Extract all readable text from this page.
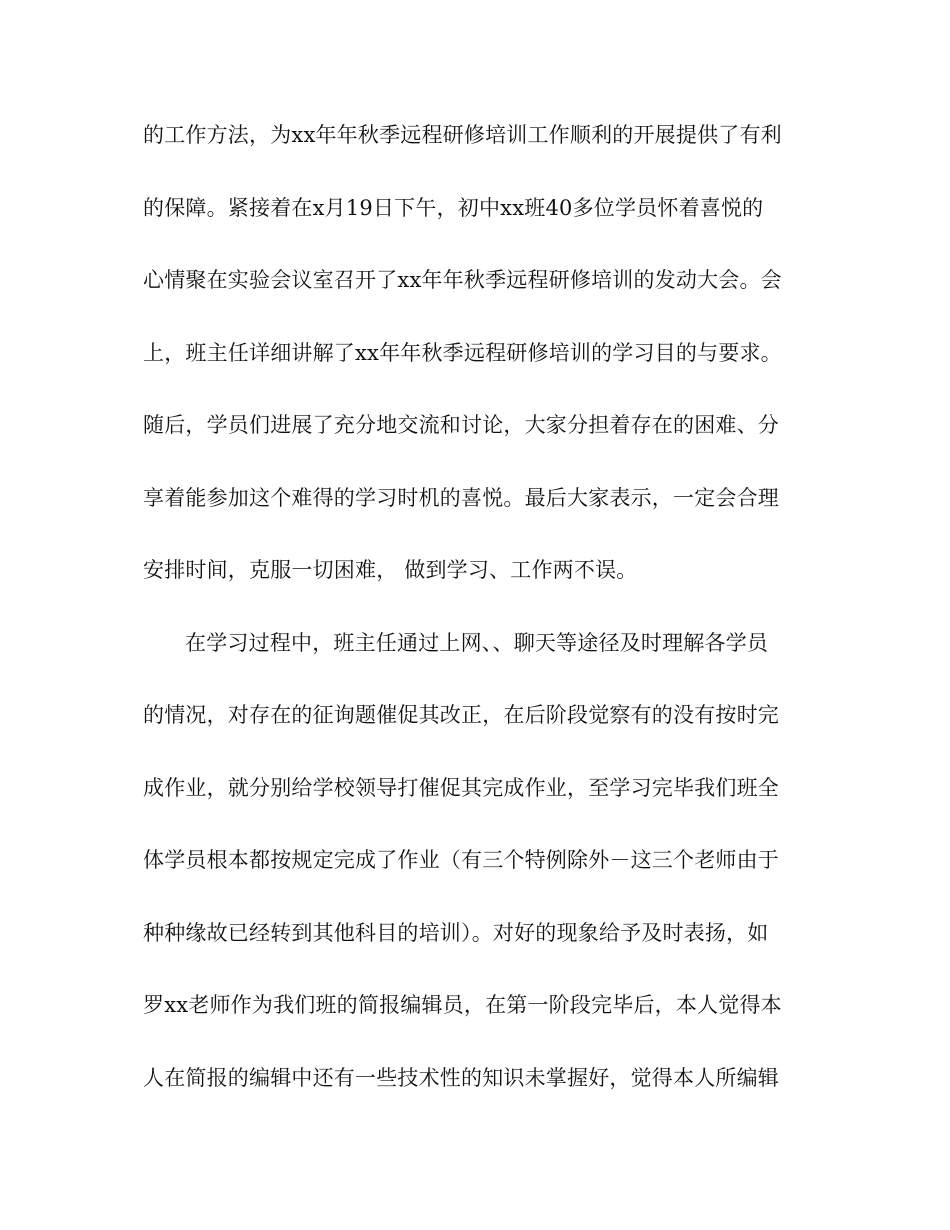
的工作方法，为xx年年秋季远程研修培训工作顺利的开展提供了有利
的保障。紧接着在x月19日下午，初中xx班40多位学员怀着喜悦的
心情聚在实验会议室召开了xx年年秋季远程研修培训的发动大会。会
上，班主任详细讲解了xx年年秋季远程研修培训的学习目的与要求。
随后，学员们进展了充分地交流和讨论，大家分担着存在的困难、分
享着能参加这个难得的学习时机的喜悦。最后大家表示，一定会合理
安排时间，克服一切困难， 做到学习、工作两不误。
在学习过程中，班主任通过上网、、聊天等途径及时理解各学员
的情况，对存在的征询题催促其改正，在后阶段觉察有的没有按时完
成作业，就分别给学校领导打催促其完成作业，至学习完毕我们班全
体学员根本都按规定完成了作业（有三个特例除外－这三个老师由于
种种缘故已经转到其他科目的培训）。对好的现象给予及时表扬，如
罗xx老师作为我们班的简报编辑员，在第一阶段完毕后，本人觉得本
人在简报的编辑中还有一些技术性的知识未掌握好，觉得本人所编辑
